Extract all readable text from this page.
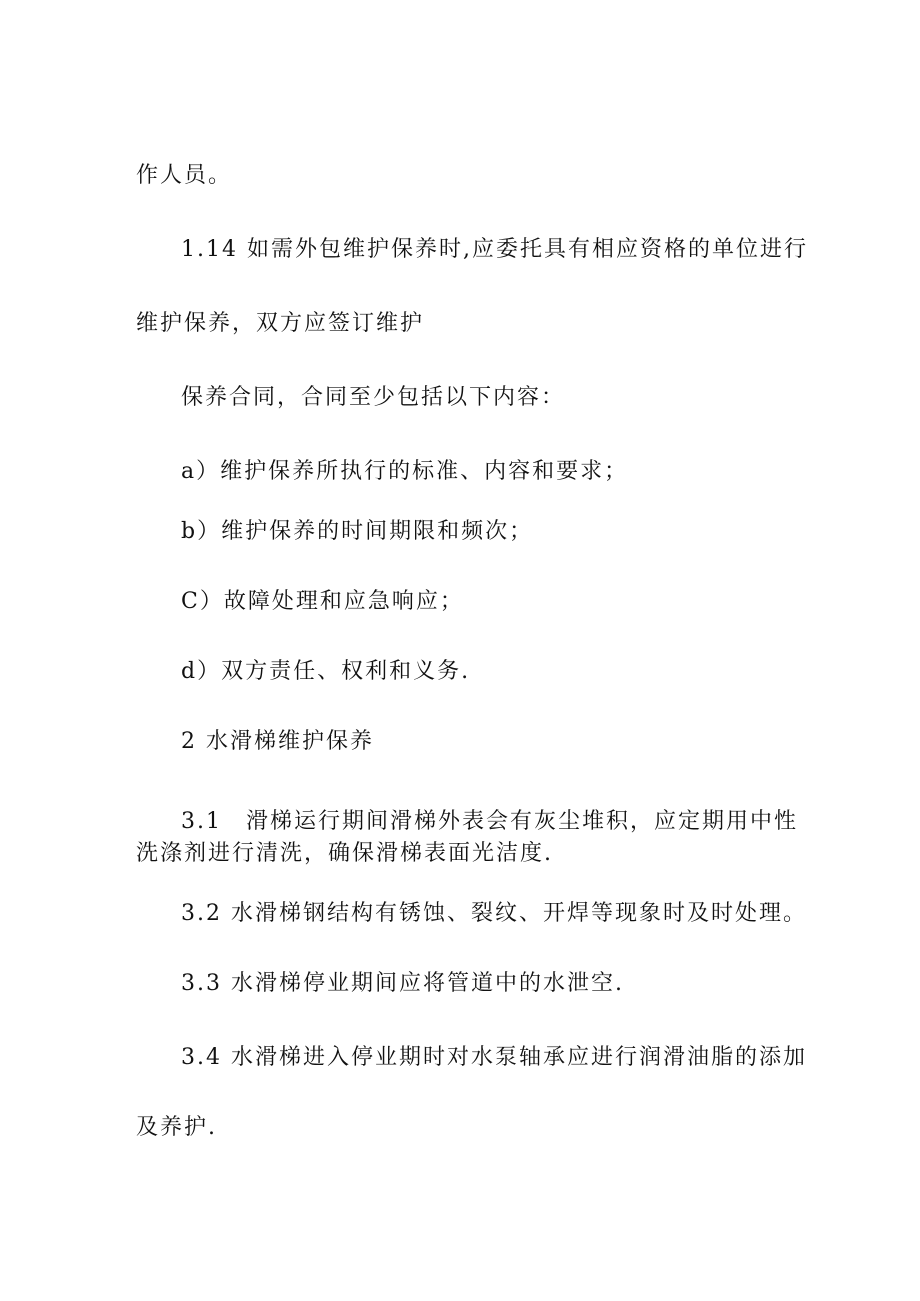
作人员。
1.14 如需外包维护保养时,应委托具有相应资格的单位进行
维护保养，双方应签订维护
保养合同，合同至少包括以下内容：
a）维护保养所执行的标准、内容和要求；
b）维护保养的时间期限和频次；
C）故障处理和应急响应；
d）双方责任、权利和义务.
2 水滑梯维护保养
3.1　滑梯运行期间滑梯外表会有灰尘堆积，应定期用中性
洗涤剂进行清洗，确保滑梯表面光洁度.
3.2 水滑梯钢结构有锈蚀、裂纹、开焊等现象时及时处理。
3.3 水滑梯停业期间应将管道中的水泄空.
3.4 水滑梯进入停业期时对水泵轴承应进行润滑油脂的添加
及养护.
